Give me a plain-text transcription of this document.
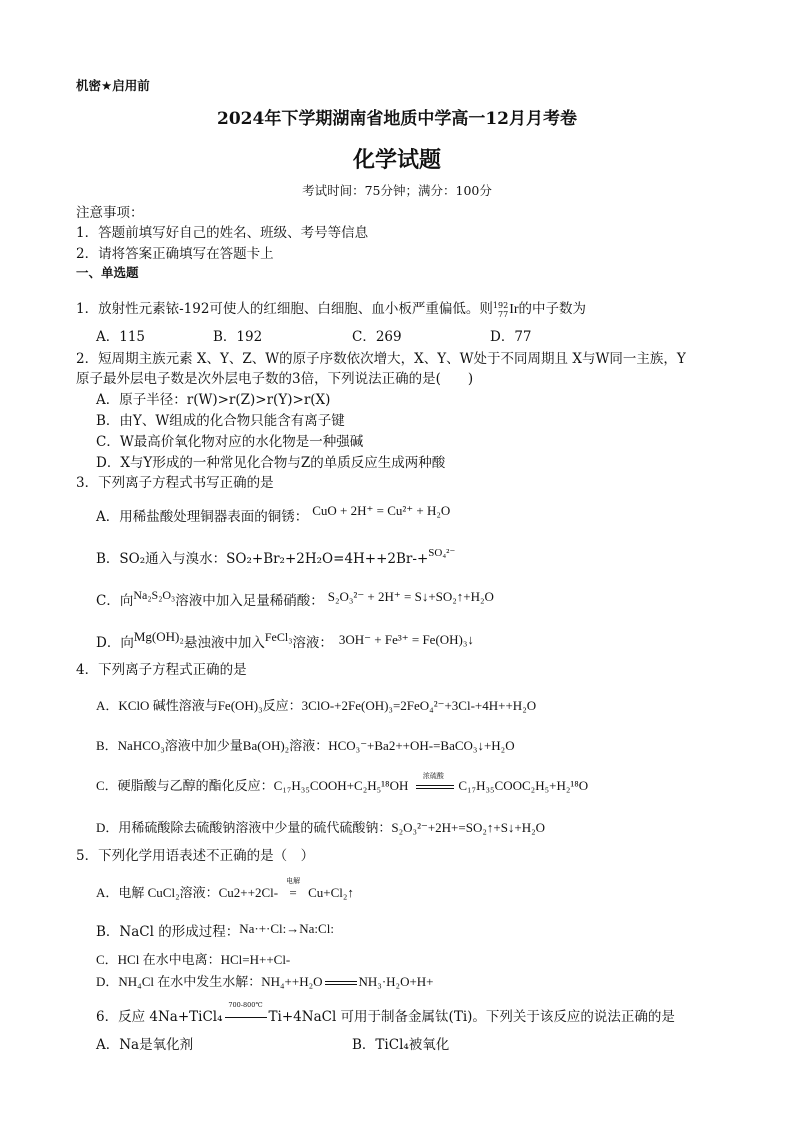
机密★启用前
2024年下学期湖南省地质中学高一12月月考卷
化学试题
考试时间：75分钟；满分：100分
注意事项：
1．答题前填写好自己的姓名、班级、考号等信息
2．请将答案正确填写在答题卡上
一、单选题
1．放射性元素铱-192可使人的红细胞、白细胞、血小板严重偏低。则 192
77 Ir的中子数为
A．115	B．192	C．269	D．77
2．短周期主族元素 X、Y、Z、W的原子序数依次增大，X、Y、W处于不同周期且 X与W同一主族，Y
原子最外层电子数是次外层电子数的3倍，下列说法正确的是(　　)
A．原子半径：r(W)>r(Z)>r(Y)>r(X)
B．由Y、W组成的化合物只能含有离子键
C．W最高价氧化物对应的水化物是一种强碱
D．X与Y形成的一种常见化合物与Z的单质反应生成两种酸
3．下列离子方程式书写正确的是
A．用稀盐酸处理铜器表面的铜锈： CuO + 2H⁺ = Cu²⁺ + H₂O
B．SO₂通入与溴水：SO₂+Br₂+2H₂O=4H++2Br-+$^{SO_4^{2-}}$
C．向Na₂S₂O₃溶液中加入足量稀硝酸： S₂O₃²⁻ + 2H⁺ = S↓+SO₂↑+H₂O
D．向Mg(OH)₂悬浊液中加入FeCl₃溶液： 3OH⁻ + Fe³⁺ = Fe(OH)₃↓
4．下列离子方程式正确的是
A．KClO 碱性溶液与Fe(OH)₃反应：3ClO-+2Fe(OH)₃=2FeO₄²⁻+3Cl-+4H++H₂O
B．NaHCO₃溶液中加少量Ba(OH)₂溶液：HCO₃⁻+Ba2++OH-=BaCO₃↓+H₂O
C．硬脂酸与乙醇的酯化反应：C₁₇H₃₅COOH+C₂H₅¹⁸OH
浓硫酸
C₁₇H₃₅COOC₂H₅+H₂¹⁸O
D．用稀硫酸除去硫酸钠溶液中少量的硫代硫酸钠：S₂O₃²⁻+2H+=SO₂↑+S↓+H₂O
5．下列化学用语表述不正确的是（　）
A．电解 CuCl₂溶液：Cu2++2Cl-
电解
= Cu+Cl₂↑
B．NaCl 的形成过程：Na·+·Cl:→Na:Cl:
C．HCl 在水中电离：HCl=H++Cl-
D．NH₄Cl 在水中发生水解：NH₄++H₂O	NH₃·H₂O+H+
6．反应 4Na+TiCl₄
700-800℃
Ti+4NaCl 可用于制备金属钛(Ti)。下列关于该反应的说法正确的是
A．Na是氧化剂	B．TiCl₄被氧化
